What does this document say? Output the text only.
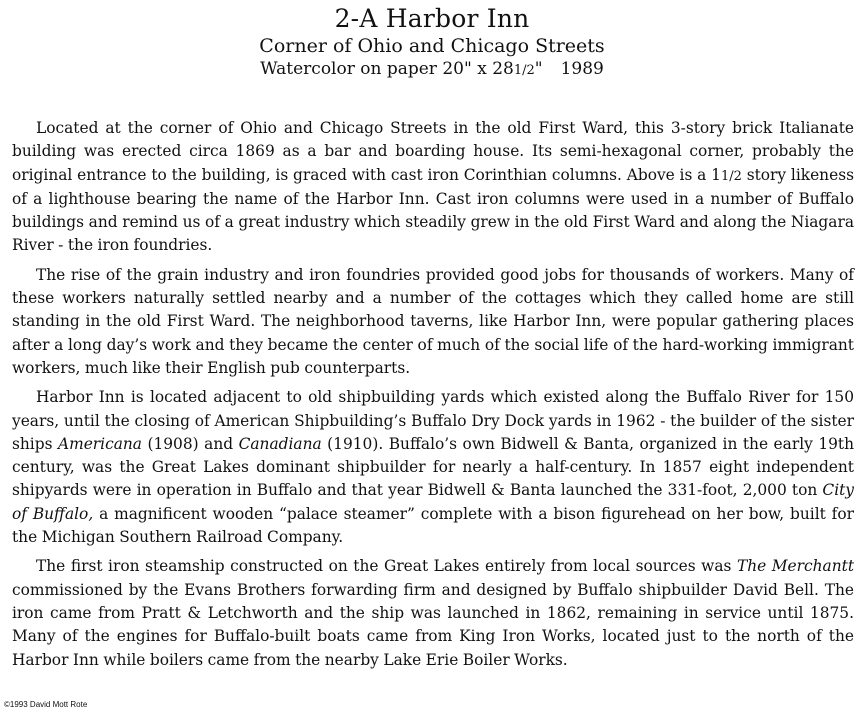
2-A Harbor Inn
Corner of Ohio and Chicago Streets
Watercolor on paper 20" x 281/2" 1989

Located at the corner of Ohio and Chicago Streets in the old First Ward, this 3-story brick Italianate building was erected circa 1869 as a bar and boarding house. Its semi-hexagonal corner, probably the original entrance to the building, is graced with cast iron Corinthian columns. Above is a 11/2 story likeness of a lighthouse bearing the name of the Harbor Inn. Cast iron columns were used in a number of Buffalo buildings and remind us of a great industry which steadily grew in the old First Ward and along the Niagara River - the iron foundries.

The rise of the grain industry and iron foundries provided good jobs for thousands of workers. Many of these workers naturally settled nearby and a number of the cottages which they called home are still standing in the old First Ward. The neighborhood taverns, like Harbor Inn, were popular gathering places after a long day’s work and they became the center of much of the social life of the hard-working immigrant workers, much like their English pub counterparts.

Harbor Inn is located adjacent to old shipbuilding yards which existed along the Buffalo River for 150 years, until the closing of American Shipbuilding’s Buffalo Dry Dock yards in 1962 - the builder of the sister ships Americana (1908) and Canadiana (1910). Buffalo’s own Bidwell & Banta, organized in the early 19th century, was the Great Lakes dominant shipbuilder for nearly a half-century. In 1857 eight independent shipyards were in operation in Buffalo and that year Bidwell & Banta launched the 331-foot, 2,000 ton City of Buffalo, a magnificent wooden “palace steamer” complete with a bison figurehead on her bow, built for the Michigan Southern Railroad Company.

The first iron steamship constructed on the Great Lakes entirely from local sources was The Merchantt commissioned by the Evans Brothers forwarding firm and designed by Buffalo shipbuilder David Bell. The iron came from Pratt & Letchworth and the ship was launched in 1862, remaining in service until 1875. Many of the engines for Buffalo-built boats came from King Iron Works, located just to the north of the Harbor Inn while boilers came from the nearby Lake Erie Boiler Works.

©1993 David Mott Rote
